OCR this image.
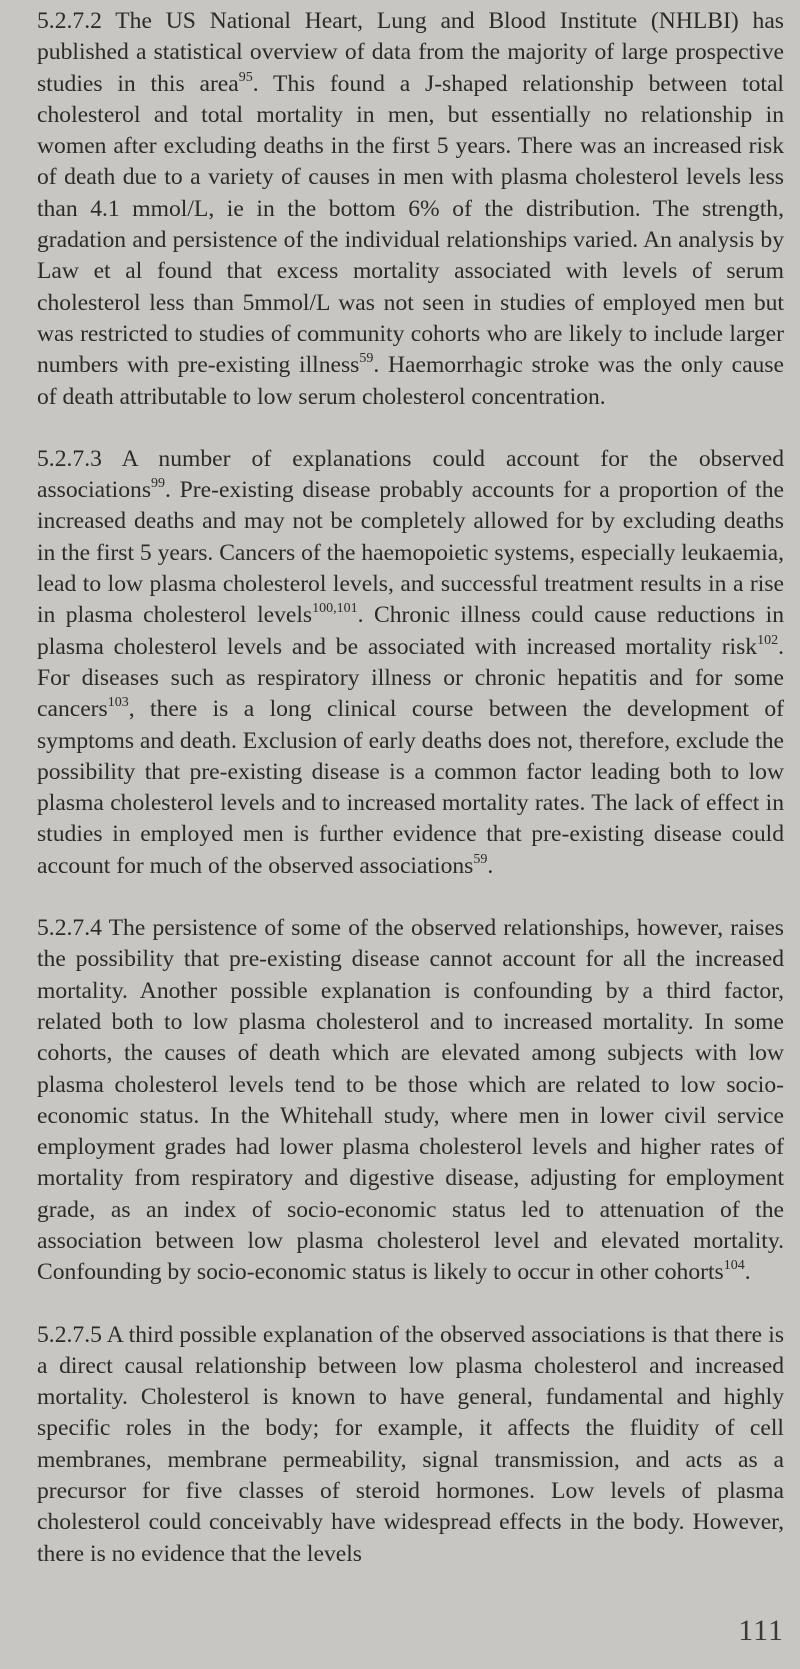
5.2.7.2 The US National Heart, Lung and Blood Institute (NHLBI) has published a statistical overview of data from the majority of large prospective studies in this area$^{95}$. This found a J-shaped relationship between total cholesterol and total mortality in men, but essentially no relationship in women after excluding deaths in the first 5 years. There was an increased risk of death due to a variety of causes in men with plasma cholesterol levels less than 4.1 mmol/L, ie in the bottom 6% of the distribution. The strength, gradation and persistence of the individual relationships varied. An analysis by Law et al found that excess mortality associated with levels of serum cholesterol less than 5mmol/L was not seen in studies of employed men but was restricted to studies of community cohorts who are likely to include larger numbers with pre-existing illness$^{59}$. Haemorrhagic stroke was the only cause of death attributable to low serum cholesterol concentration.

5.2.7.3 A number of explanations could account for the observed associations$^{99}$. Pre-existing disease probably accounts for a proportion of the increased deaths and may not be completely allowed for by excluding deaths in the first 5 years. Cancers of the haemopoietic systems, especially leukaemia, lead to low plasma cholesterol levels, and successful treatment results in a rise in plasma cholesterol levels$^{100,101}$. Chronic illness could cause reductions in plasma cholesterol levels and be associated with increased mortality risk$^{102}$. For diseases such as respiratory illness or chronic hepatitis and for some cancers$^{103}$, there is a long clinical course between the development of symptoms and death. Exclusion of early deaths does not, therefore, exclude the possibility that pre-existing disease is a common factor leading both to low plasma cholesterol levels and to increased mortality rates. The lack of effect in studies in employed men is further evidence that pre-existing disease could account for much of the observed associations$^{59}$.

5.2.7.4 The persistence of some of the observed relationships, however, raises the possibility that pre-existing disease cannot account for all the increased mortality. Another possible explanation is confounding by a third factor, related both to low plasma cholesterol and to increased mortality. In some cohorts, the causes of death which are elevated among subjects with low plasma cholesterol levels tend to be those which are related to low socio-economic status. In the Whitehall study, where men in lower civil service employment grades had lower plasma cholesterol levels and higher rates of mortality from respiratory and digestive disease, adjusting for employment grade, as an index of socio-economic status led to attenuation of the association between low plasma cholesterol level and elevated mortality. Confounding by socio-economic status is likely to occur in other cohorts$^{104}$.

5.2.7.5 A third possible explanation of the observed associations is that there is a direct causal relationship between low plasma cholesterol and increased mortality. Cholesterol is known to have general, fundamental and highly specific roles in the body; for example, it affects the fluidity of cell membranes, membrane permeability, signal transmission, and acts as a precursor for five classes of steroid hormones. Low levels of plasma cholesterol could conceivably have widespread effects in the body. However, there is no evidence that the levels

111
